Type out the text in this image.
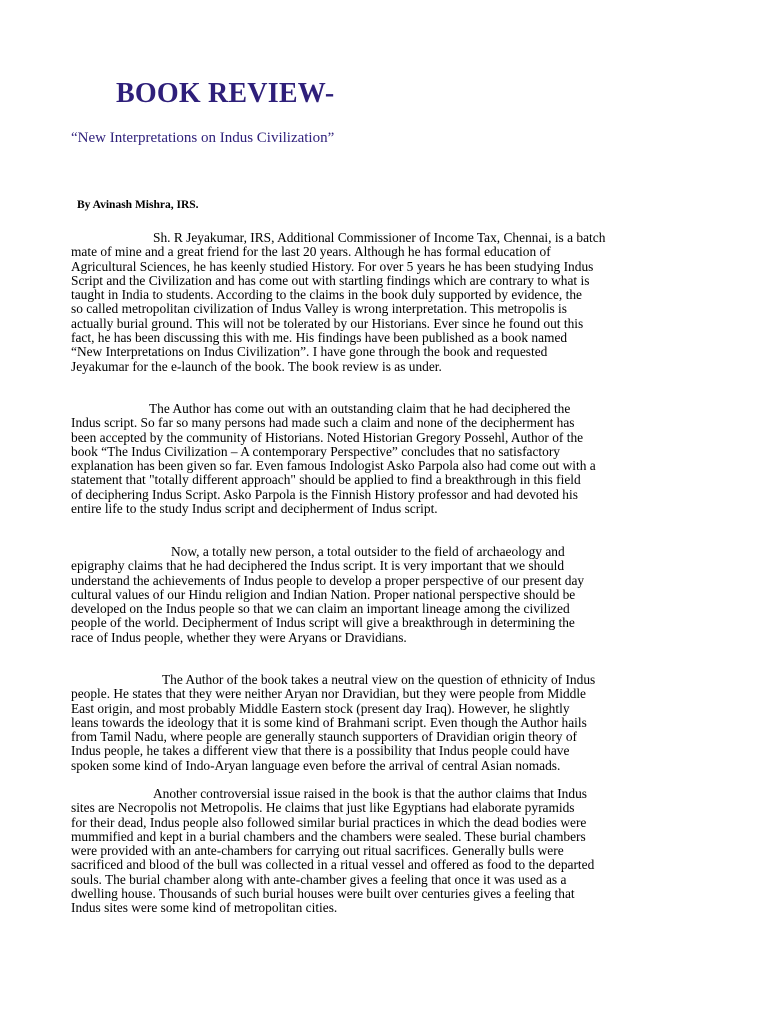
BOOK REVIEW-
“New Interpretations on Indus Civilization”

By Avinash Mishra, IRS.

Sh. R Jeyakumar, IRS, Additional Commissioner of Income Tax, Chennai, is a batch
mate of mine and a great friend for the last 20 years. Although he has formal education of
Agricultural Sciences, he has keenly studied History. For over 5 years he has been studying Indus
Script and the Civilization and has come out with startling findings which are contrary to what is
taught in India to students. According to the claims in the book duly supported by evidence, the
so called metropolitan civilization of Indus Valley is wrong interpretation. This metropolis is
actually burial ground. This will not be tolerated by our Historians. Ever since he found out this
fact, he has been discussing this with me. His findings have been published as a book named
“New Interpretations on Indus Civilization”. I have gone through the book and requested
Jeyakumar for the e-launch of the book. The book review is as under.

The Author has come out with an outstanding claim that he had deciphered the
Indus script. So far so many persons had made such a claim and none of the decipherment has
been accepted by the community of Historians. Noted Historian Gregory Possehl, Author of the
book “The Indus Civilization – A contemporary Perspective” concludes that no satisfactory
explanation has been given so far. Even famous Indologist Asko Parpola also had come out with a
statement that "totally different approach" should be applied to find a breakthrough in this field
of deciphering Indus Script. Asko Parpola is the Finnish History professor and had devoted his
entire life to the study Indus script and decipherment of Indus script.

Now, a totally new person, a total outsider to the field of archaeology and
epigraphy claims that he had deciphered the Indus script. It is very important that we should
understand the achievements of Indus people to develop a proper perspective of our present day
cultural values of our Hindu religion and Indian Nation. Proper national perspective should be
developed on the Indus people so that we can claim an important lineage among the civilized
people of the world. Decipherment of Indus script will give a breakthrough in determining the
race of Indus people, whether they were Aryans or Dravidians.

The Author of the book takes a neutral view on the question of ethnicity of Indus
people. He states that they were neither Aryan nor Dravidian, but they were people from Middle
East origin, and most probably Middle Eastern stock (present day Iraq). However, he slightly
leans towards the ideology that it is some kind of Brahmani script. Even though the Author hails
from Tamil Nadu, where people are generally staunch supporters of Dravidian origin theory of
Indus people, he takes a different view that there is a possibility that Indus people could have
spoken some kind of Indo-Aryan language even before the arrival of central Asian nomads.

Another controversial issue raised in the book is that the author claims that Indus
sites are Necropolis not Metropolis. He claims that just like Egyptians had elaborate pyramids
for their dead, Indus people also followed similar burial practices in which the dead bodies were
mummified and kept in a burial chambers and the chambers were sealed. These burial chambers
were provided with an ante-chambers for carrying out ritual sacrifices. Generally bulls were
sacrificed and blood of the bull was collected in a ritual vessel and offered as food to the departed
souls. The burial chamber along with ante-chamber gives a feeling that once it was used as a
dwelling house. Thousands of such burial houses were built over centuries gives a feeling that
Indus sites were some kind of metropolitan cities.
